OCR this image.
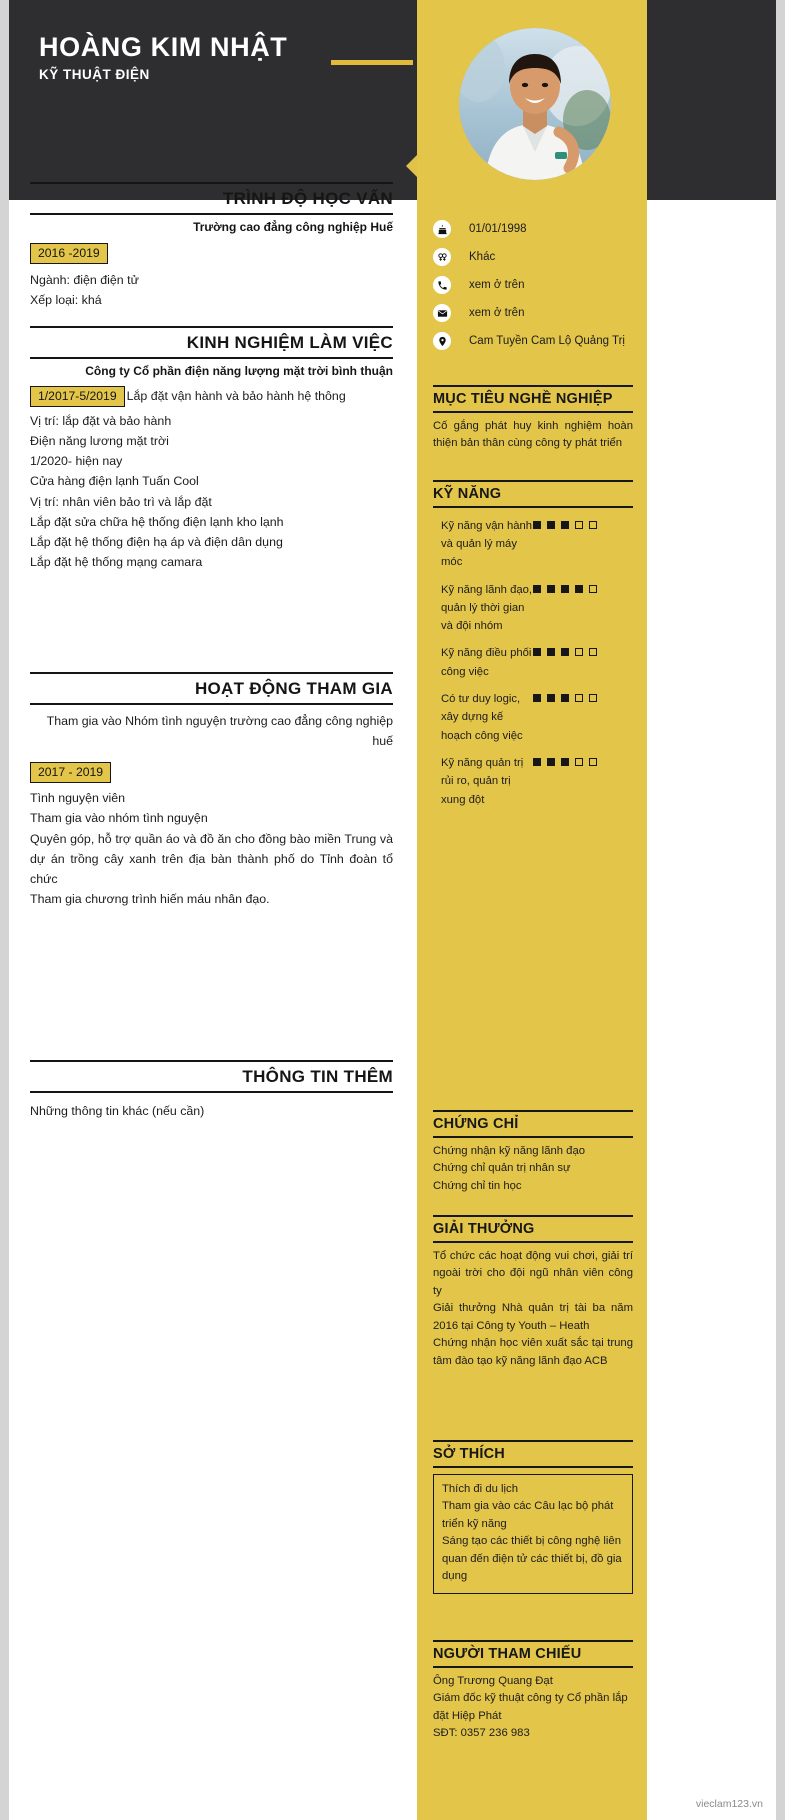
HOÀNG KIM NHẬT
KỸ THUẬT ĐIỆN
01/01/1998
Khác
xem ở trên
xem ở trên
Cam Tuyền Cam Lộ Quảng Trị
MỤC TIÊU NGHỀ NGHIỆP
Cố gắng phát huy kinh nghiệm hoàn thiện bản thân cùng công ty phát triển
KỸ NĂNG
Kỹ năng vận hành và quản lý máy móc
Kỹ năng lãnh đạo, quản lý thời gian và đội nhóm
Kỹ năng điều phối công việc
Có tư duy logic, xây dựng kế hoạch công việc
Kỹ năng quản trị rủi ro, quản trị xung đột
CHỨNG CHỈ
Chứng nhận kỹ năng lãnh đạo
Chứng chỉ quản trị nhân sự
Chứng chỉ tin học
GIẢI THƯỞNG
Tổ chức các hoạt động vui chơi, giải trí ngoài trời cho đội ngũ nhân viên công ty
Giải thưởng Nhà quản trị tài ba năm 2016 tại Công ty Youth – Heath
Chứng nhận học viên xuất sắc tại trung tâm đào tạo kỹ năng lãnh đạo ACB
SỞ THÍCH
Thích đi du lịch
Tham gia vào các Câu lạc bộ phát triển kỹ năng
Sáng tạo các thiết bị công nghệ liên quan đến điện tử các thiết bị, đồ gia dụng
NGƯỜI THAM CHIẾU
Ông Trương Quang Đạt
Giám đốc kỹ thuật công ty Cổ phần lắp đặt Hiệp Phát
SĐT: 0357 236 983
TRÌNH ĐỘ HỌC VẤN
Trường cao đẳng công nghiệp Huế
2016 -2019
Ngành: điện điện tử
Xếp loại: khá
KINH NGHIỆM LÀM VIỆC
Công ty Cổ phần điện năng lượng mặt trời bình thuận
1/2017-5/2019 Lắp đặt vận hành và bảo hành hệ thông
Vị trí: lắp đặt và bảo hành
Điện năng lương mặt trời
1/2020- hiện nay
Cửa hàng điện lạnh Tuấn Cool
Vị trí: nhân viên bảo trì và lắp đặt
Lắp đặt sửa chữa hệ thống điện lạnh kho lạnh
Lắp đặt hệ thống điện hạ áp và điện dân dụng
Lắp đặt hệ thống mạng camara
HOẠT ĐỘNG THAM GIA
Tham gia vào Nhóm tình nguyện trường cao đẳng công nghiệp huế
2017 - 2019
Tình nguyện viên
Tham gia vào nhóm tình nguyện
Quyên góp, hỗ trợ quần áo và đồ ăn cho đồng bào miền Trung và dự án trồng cây xanh trên địa bàn thành phố do Tỉnh đoàn tổ chức
Tham gia chương trình hiến máu nhân đạo.
THÔNG TIN THÊM
Những thông tin khác (nếu cần)
vieclam123.vn
